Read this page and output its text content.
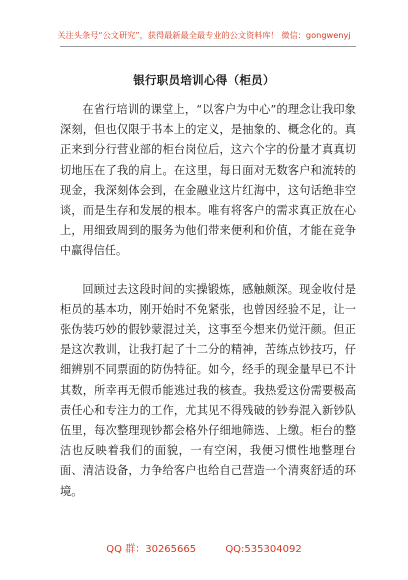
关注头条号“公文研究”，获得最新最全最专业的公文资料库！ 微信：gongwenyj
银行职员培训心得（柜员）

在省行培训的课堂上，“以客户为中心”的理念让我印象深刻，但也仅限于书本上的定义，是抽象的、概念化的。真正来到分行营业部的柜台岗位后，这六个字的份量才真真切切地压在了我的肩上。在这里，每日面对无数客户和流转的现金，我深刻体会到，在金融业这片红海中，这句话绝非空谈，而是生存和发展的根本。唯有将客户的需求真正放在心上，用细致周到的服务为他们带来便利和价值，才能在竞争中赢得信任。

回顾过去这段时间的实操锻炼，感触颇深。现金收付是柜员的基本功，刚开始时不免紧张，也曾因经验不足，让一张伪装巧妙的假钞蒙混过关，这事至今想来仍觉汗颜。但正是这次教训，让我打起了十二分的精神，苦练点钞技巧，仔细辨别不同票面的防伪特征。如今，经手的现金量早已不计其数，所幸再无假币能逃过我的核查。我热爱这份需要极高责任心和专注力的工作，尤其见不得残破的钞券混入新钞队伍里，每次整理现钞都会格外仔细地筛选、上缴。柜台的整洁也反映着我们的面貌，一有空闲，我便习惯性地整理台面、清洁设备，力争给客户也给自己营造一个清爽舒适的环境。

QQ 群：30265665	QQ:535304092
